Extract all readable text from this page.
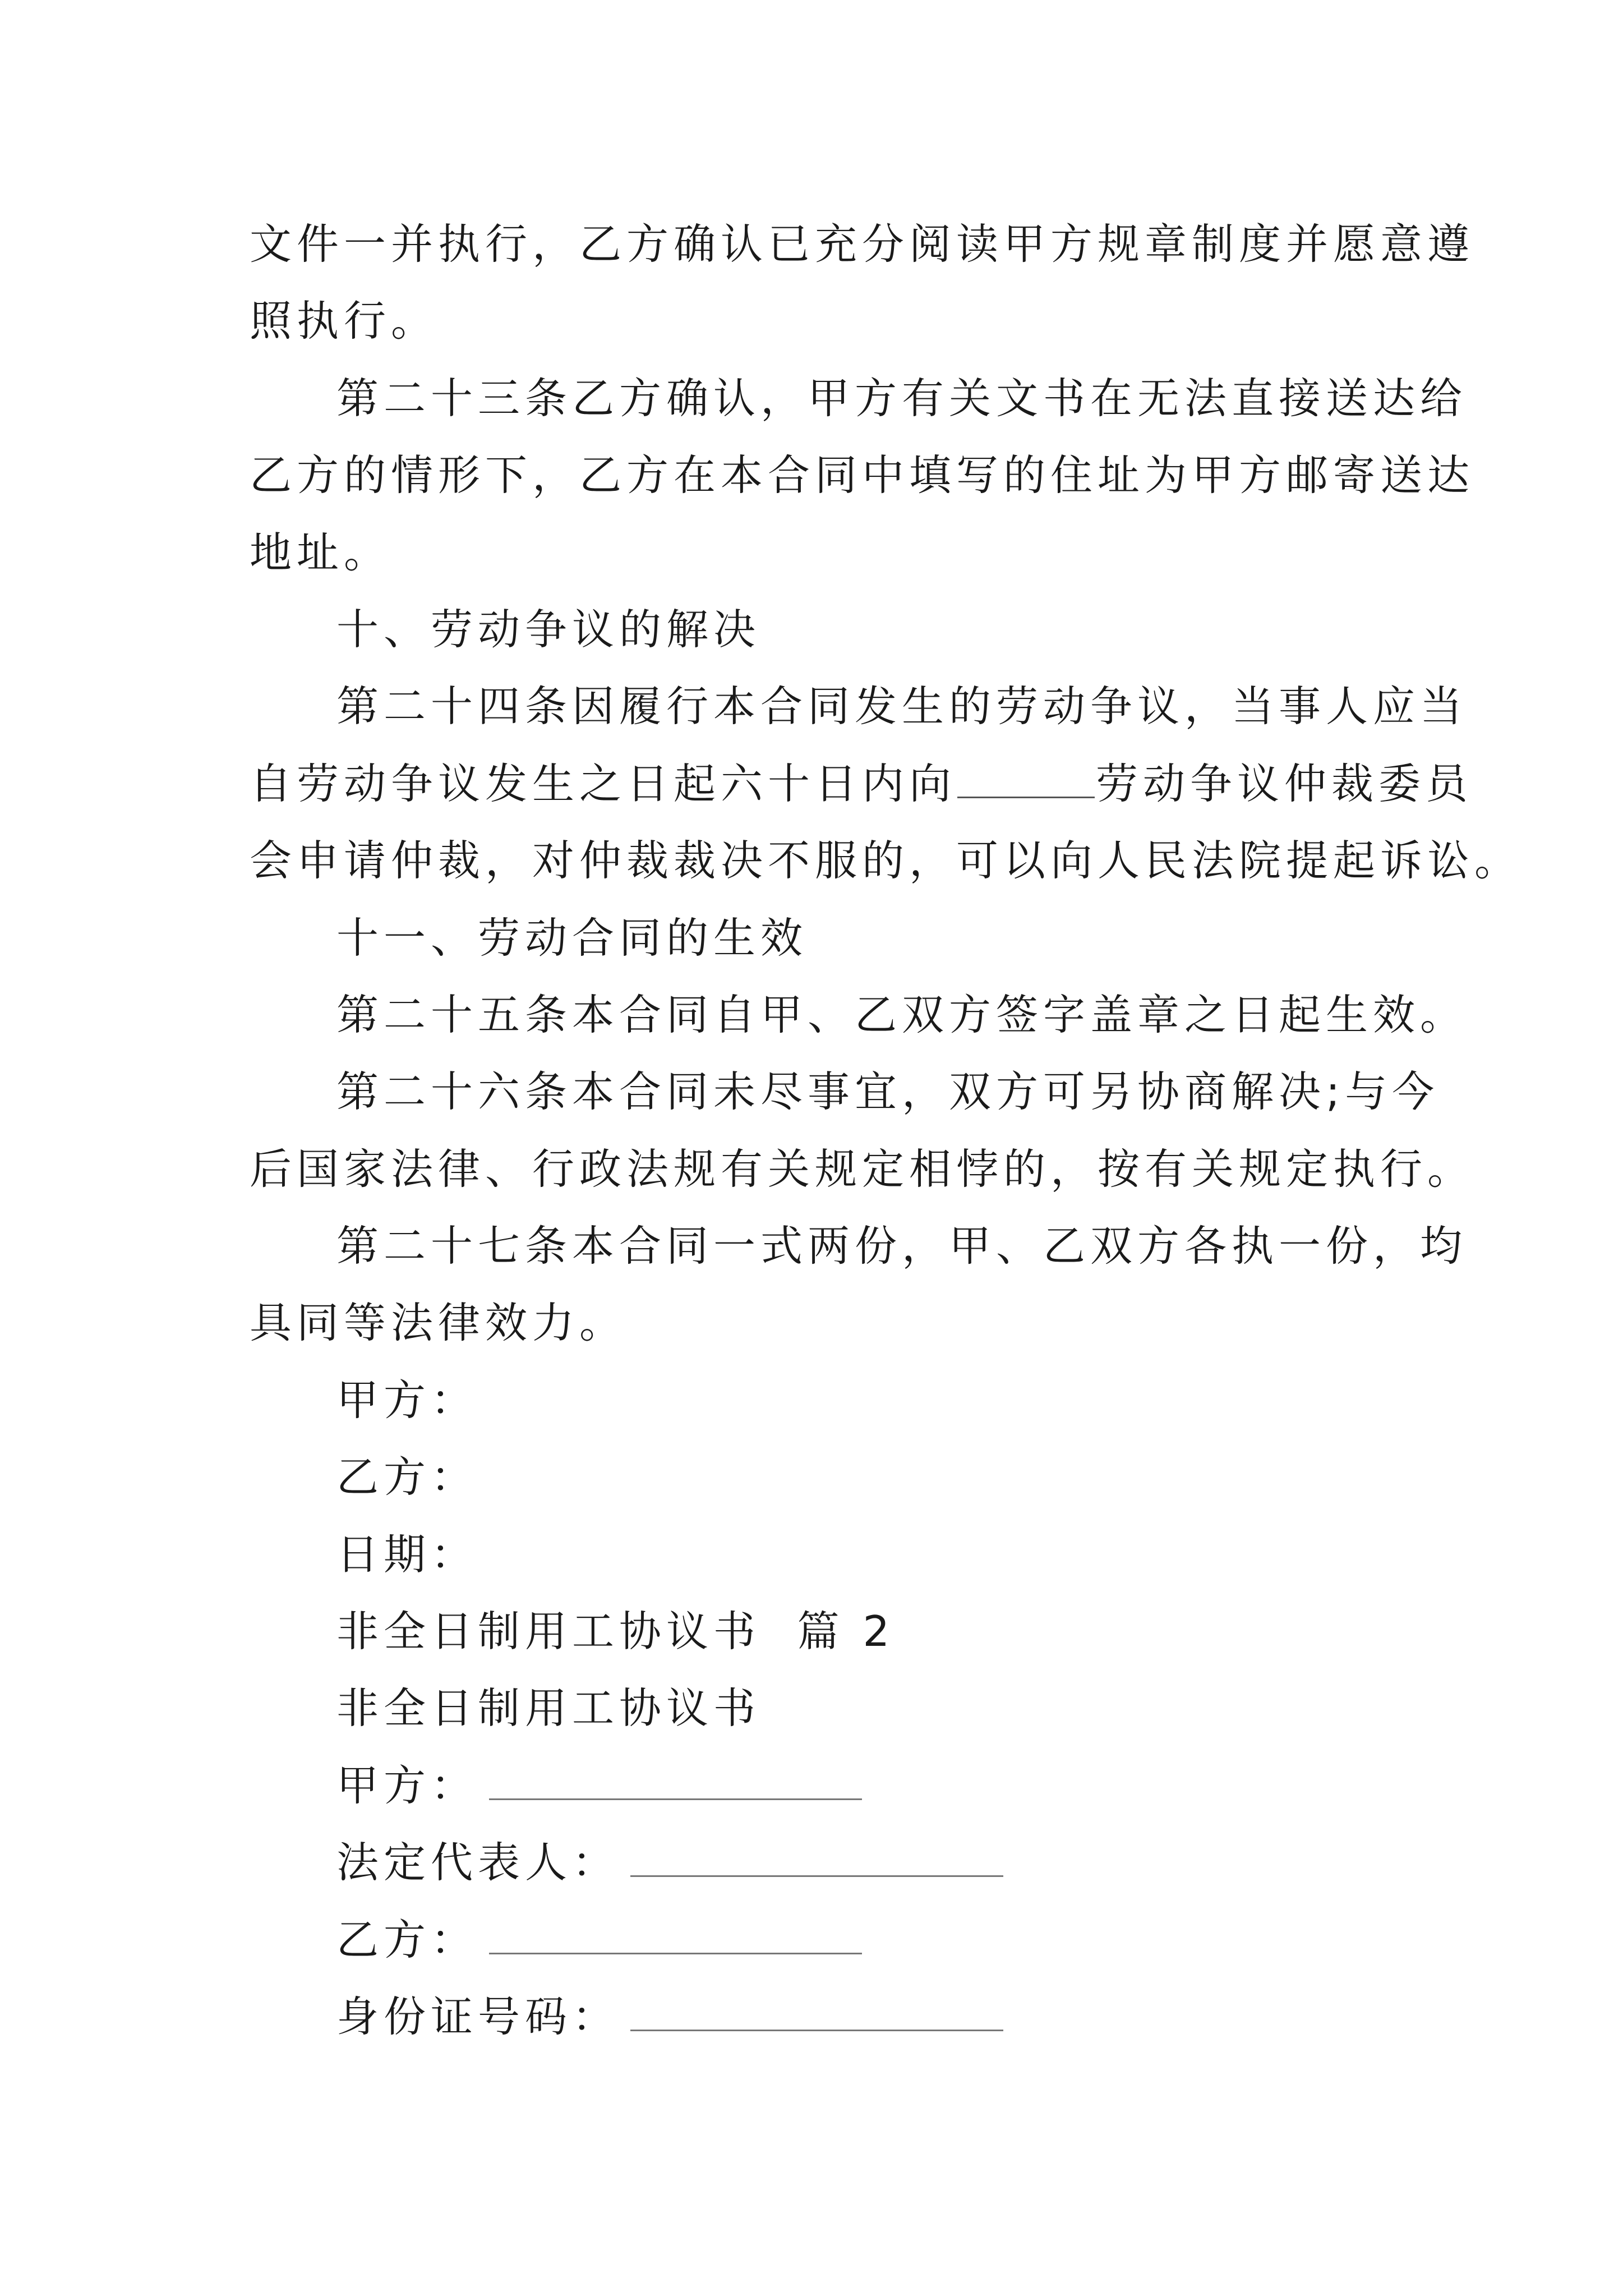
文件一并执行，乙方确认已充分阅读甲方规章制度并愿意遵
照执行。
第二十三条乙方确认，甲方有关文书在无法直接送达给
乙方的情形下，乙方在本合同中填写的住址为甲方邮寄送达
地址。
十、劳动争议的解决
第二十四条因履行本合同发生的劳动争议，当事人应当
自劳动争议发生之日起六十日内向	劳动争议仲裁委员
会申请仲裁，对仲裁裁决不服的，可以向人民法院提起诉讼。
十一、劳动合同的生效
第二十五条本合同自甲、乙双方签字盖章之日起生效。
第二十六条本合同未尽事宜，双方可另协商解决;与今
后国家法律、行政法规有关规定相悖的，按有关规定执行。
第二十七条本合同一式两份，甲、乙双方各执一份，均
具同等法律效力。
甲方：
乙方：
日期：
非全日制用工协议书  篇 2
非全日制用工协议书
甲方：
法定代表人：
乙方：
身份证号码：
